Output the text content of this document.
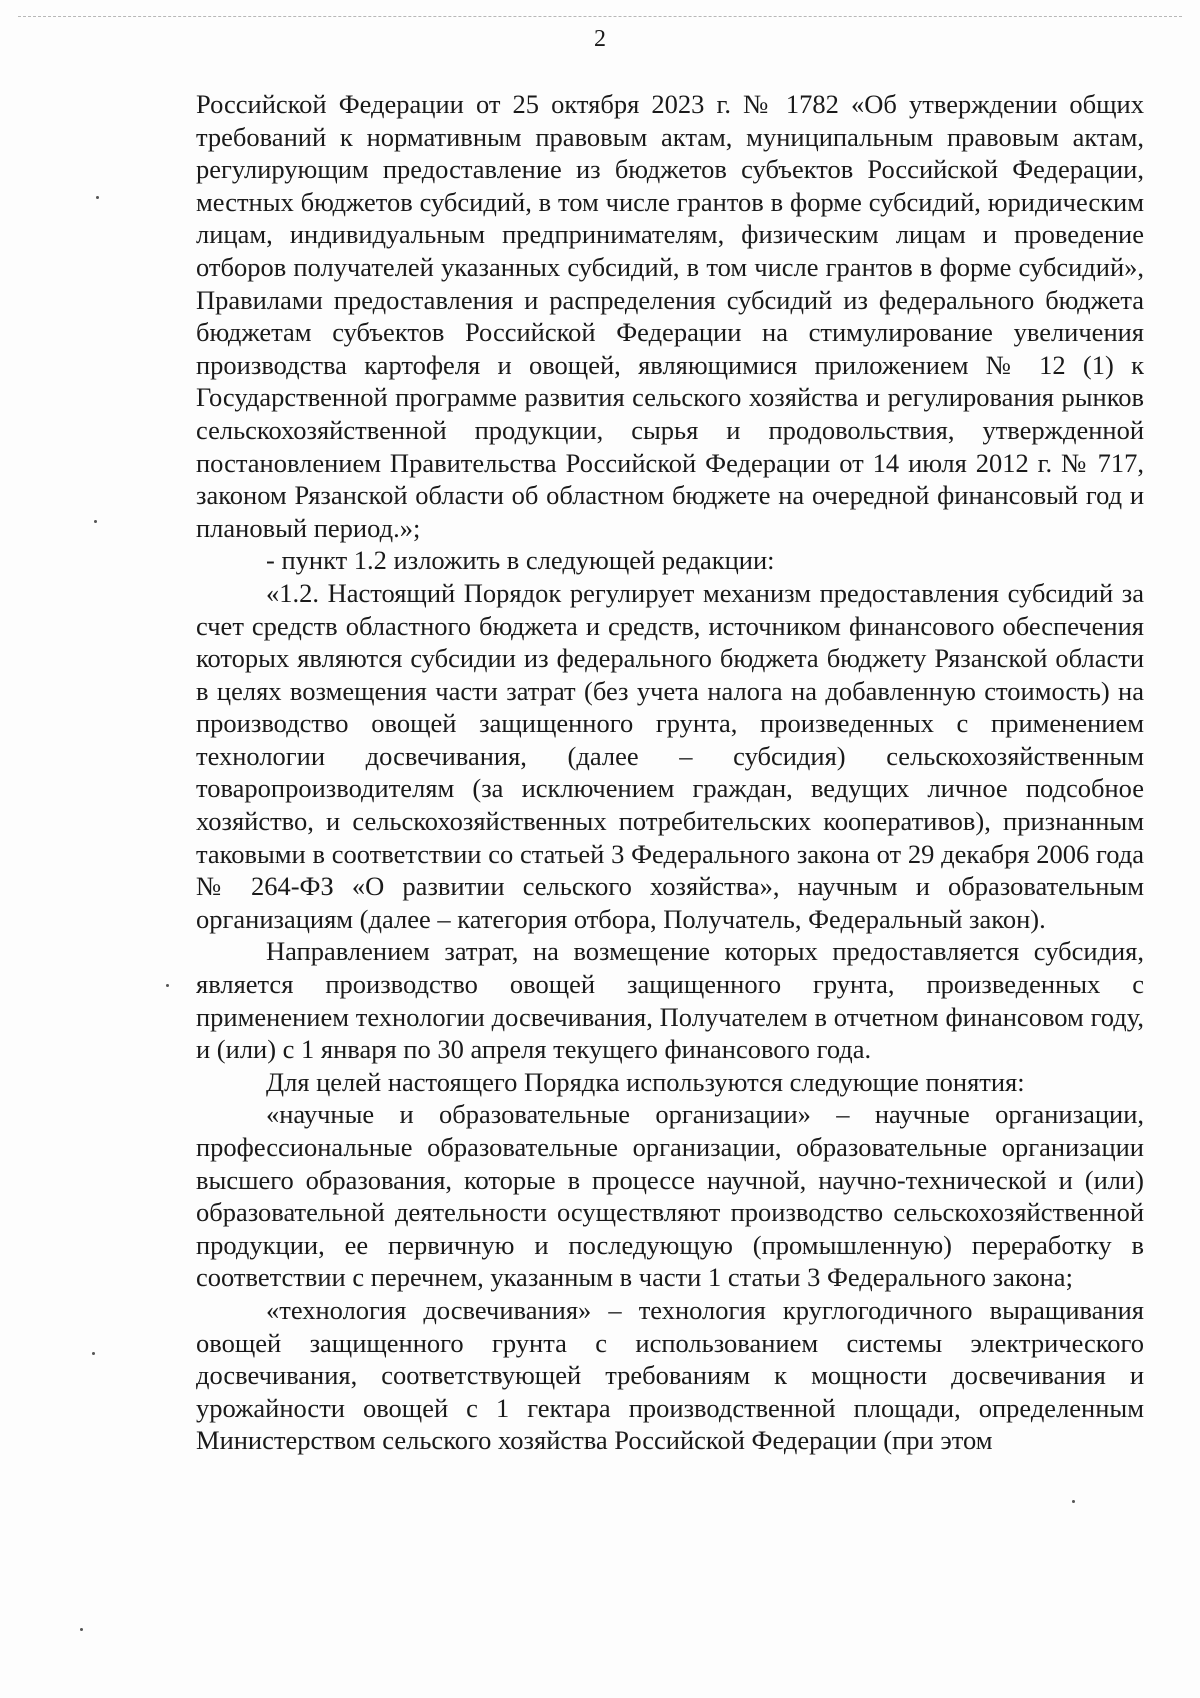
2

Российской Федерации от 25 октября 2023 г. № 1782 «Об утверждении общих требований к нормативным правовым актам, муниципальным правовым актам, регулирующим предоставление из бюджетов субъектов Российской Федерации, местных бюджетов субсидий, в том числе грантов в форме субсидий, юридическим лицам, индивидуальным предпринимателям, физическим лицам и проведение отборов получателей указанных субсидий, в том числе грантов в форме субсидий», Правилами предоставления и распределения субсидий из федерального бюджета бюджетам субъектов Российской Федерации на стимулирование увеличения производства картофеля и овощей, являющимися приложением № 12 (1) к Государственной программе развития сельского хозяйства и регулирования рынков сельскохозяйственной продукции, сырья и продовольствия, утвержденной постановлением Правительства Российской Федерации от 14 июля 2012 г. № 717, законом Рязанской области об областном бюджете на очередной финансовый год и плановый период.»;

- пункт 1.2 изложить в следующей редакции:

«1.2. Настоящий Порядок регулирует механизм предоставления субсидий за счет средств областного бюджета и средств, источником финансового обеспечения которых являются субсидии из федерального бюджета бюджету Рязанской области в целях возмещения части затрат (без учета налога на добавленную стоимость) на производство овощей защищенного грунта, произведенных с применением технологии досвечивания, (далее – субсидия) сельскохозяйственным товаропроизводителям (за исключением граждан, ведущих личное подсобное хозяйство, и сельскохозяйственных потребительских кооперативов), признанным таковыми в соответствии со статьей 3 Федерального закона от 29 декабря 2006 года № 264-ФЗ «О развитии сельского хозяйства», научным и образовательным организациям (далее – категория отбора, Получатель, Федеральный закон).

Направлением затрат, на возмещение которых предоставляется субсидия, является производство овощей защищенного грунта, произведенных с применением технологии досвечивания, Получателем в отчетном финансовом году, и (или) с 1 января по 30 апреля текущего финансового года.

Для целей настоящего Порядка используются следующие понятия:

«научные и образовательные организации» – научные организации, профессиональные образовательные организации, образовательные организации высшего образования, которые в процессе научной, научно-технической и (или) образовательной деятельности осуществляют производство сельскохозяйственной продукции, ее первичную и последующую (промышленную) переработку в соответствии с перечнем, указанным в части 1 статьи 3 Федерального закона;

«технология досвечивания» – технология круглогодичного выращивания овощей защищенного грунта с использованием системы электрического досвечивания, соответствующей требованиям к мощности досвечивания и урожайности овощей с 1 гектара производственной площади, определенным Министерством сельского хозяйства Российской Федерации (при этом
